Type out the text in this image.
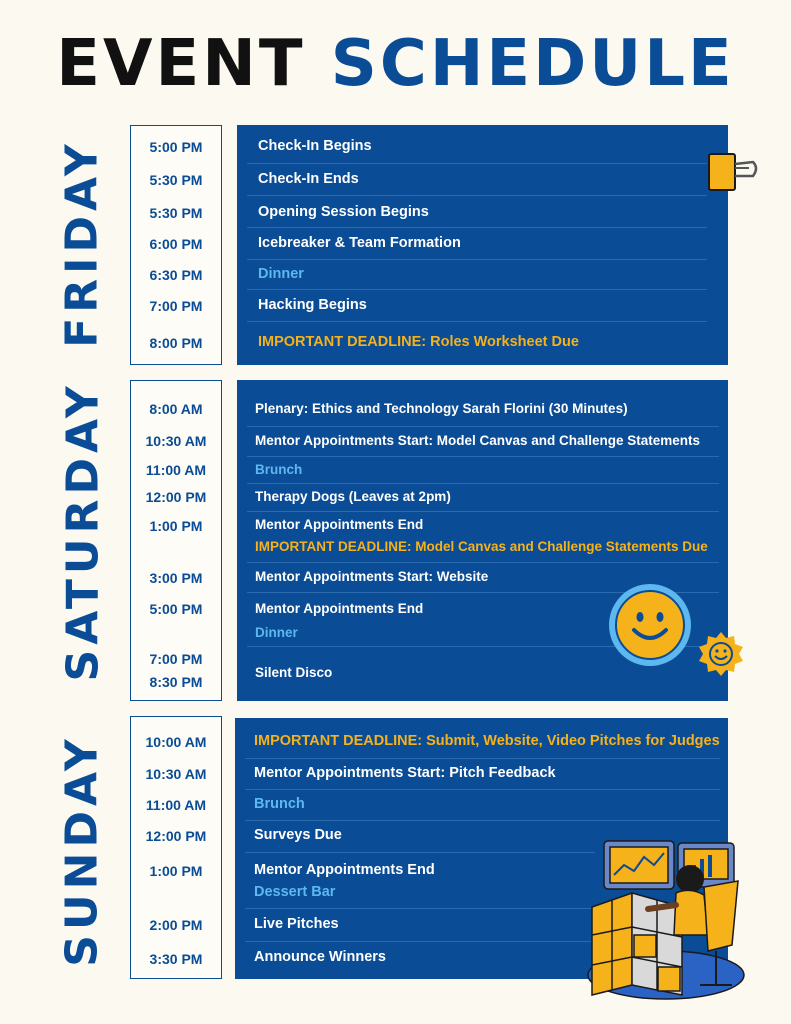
EVENT SCHEDULE
FRIDAY
SATURDAY
SUNDAY
5:00 PM
5:30 PM
5:30 PM
6:00 PM
6:30 PM
7:00 PM
8:00 PM
Check-In Begins
Check-In Ends
Opening Session Begins
Icebreaker & Team Formation
Dinner
Hacking Begins
IMPORTANT DEADLINE: Roles Worksheet Due
8:00 AM
10:30 AM
11:00 AM
12:00 PM
1:00 PM
3:00 PM
5:00 PM
7:00 PM
8:30 PM
Plenary: Ethics and Technology Sarah Florini (30 Minutes)
Mentor Appointments Start: Model Canvas and Challenge Statements
Brunch
Therapy Dogs (Leaves at 2pm)
Mentor Appointments End
IMPORTANT DEADLINE: Model Canvas and Challenge Statements Due
Mentor Appointments Start: Website
Mentor Appointments End
Dinner
Silent Disco
10:00 AM
10:30 AM
11:00 AM
12:00 PM
1:00 PM
2:00 PM
3:30 PM
IMPORTANT DEADLINE: Submit, Website, Video Pitches for Judges
Mentor Appointments Start: Pitch Feedback
Brunch
Surveys Due
Mentor Appointments End
Dessert Bar
Live Pitches
Announce Winners
